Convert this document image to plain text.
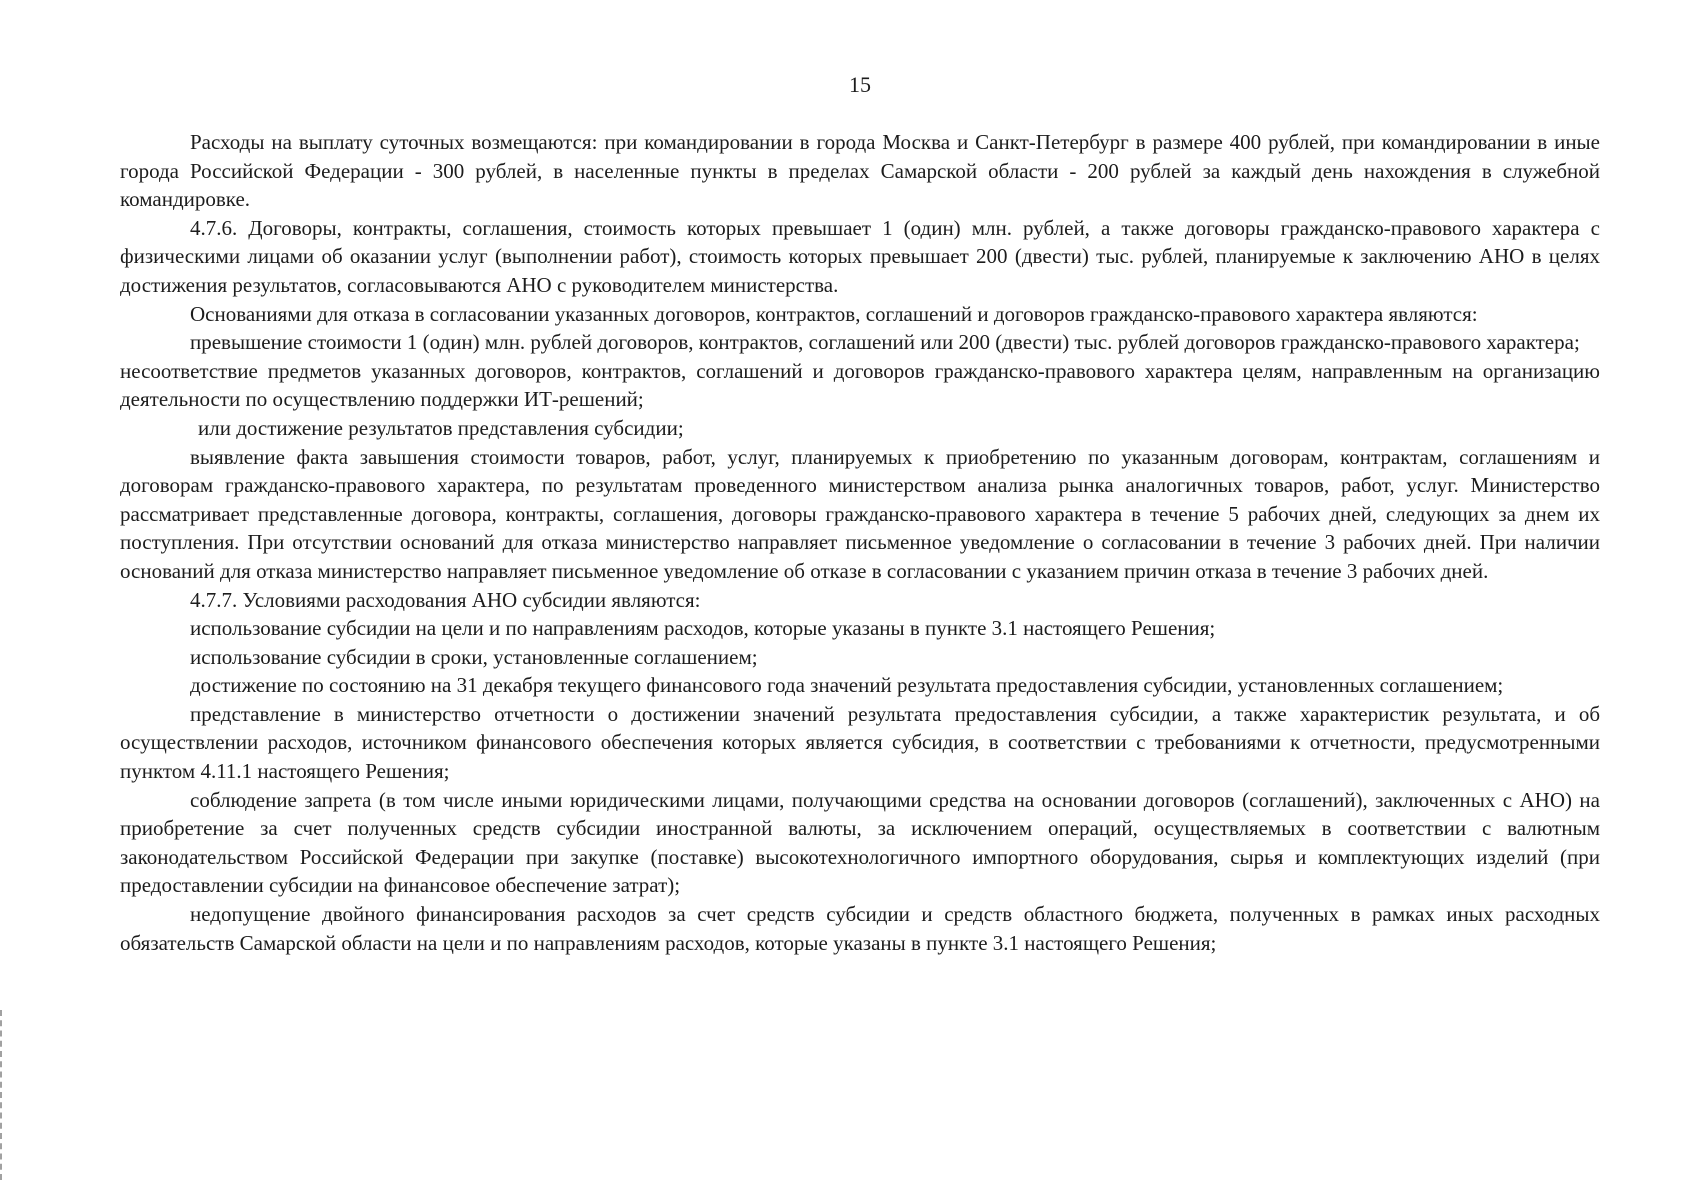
15

Расходы на выплату суточных возмещаются: при командировании в города Москва и Санкт-Петербург в размере 400 рублей, при командировании в иные города Российской Федерации - 300 рублей, в населенные пункты в пределах Самарской области - 200 рублей за каждый день нахождения в служебной командировке.

4.7.6. Договоры, контракты, соглашения, стоимость которых превышает 1 (один) млн. рублей, а также договоры гражданско-правового характера с физическими лицами об оказании услуг (выполнении работ), стоимость которых превышает 200 (двести) тыс. рублей, планируемые к заключению АНО в целях достижения результатов, согласовываются АНО с руководителем министерства.

Основаниями для отказа в согласовании указанных договоров, контрактов, соглашений и договоров гражданско-правового характера являются:

превышение стоимости 1 (один) млн. рублей договоров, контрактов, соглашений или 200 (двести) тыс. рублей договоров гражданско-правового характера;

несоответствие предметов указанных договоров, контрактов, соглашений и договоров гражданско-правового характера целям, направленным на организацию деятельности по осуществлению поддержки ИТ-решений;

или достижение результатов представления субсидии;

выявление факта завышения стоимости товаров, работ, услуг, планируемых к приобретению по указанным договорам, контрактам, соглашениям и договорам гражданско-правового характера, по результатам проведенного министерством анализа рынка аналогичных товаров, работ, услуг. Министерство рассматривает представленные договора, контракты, соглашения, договоры гражданско-правового характера в течение 5 рабочих дней, следующих за днем их поступления. При отсутствии оснований для отказа министерство направляет письменное уведомление о согласовании в течение 3 рабочих дней. При наличии оснований для отказа министерство направляет письменное уведомление об отказе в согласовании с указанием причин отказа в течение 3 рабочих дней.

4.7.7. Условиями расходования АНО субсидии являются:

использование субсидии на цели и по направлениям расходов, которые указаны в пункте 3.1 настоящего Решения;

использование субсидии в сроки, установленные соглашением;

достижение по состоянию на 31 декабря текущего финансового года значений результата предоставления субсидии, установленных соглашением;

представление в министерство отчетности о достижении значений результата предоставления субсидии, а также характеристик результата, и об осуществлении расходов, источником финансового обеспечения которых является субсидия, в соответствии с требованиями к отчетности, предусмотренными пунктом 4.11.1 настоящего Решения;

соблюдение запрета (в том числе иными юридическими лицами, получающими средства на основании договоров (соглашений), заключенных с АНО) на приобретение за счет полученных средств субсидии иностранной валюты, за исключением операций, осуществляемых в соответствии с валютным законодательством Российской Федерации при закупке (поставке) высокотехнологичного импортного оборудования, сырья и комплектующих изделий (при предоставлении субсидии на финансовое обеспечение затрат);

недопущение двойного финансирования расходов за счет средств субсидии и средств областного бюджета, полученных в рамках иных расходных обязательств Самарской области на цели и по направлениям расходов, которые указаны в пункте 3.1 настоящего Решения;
